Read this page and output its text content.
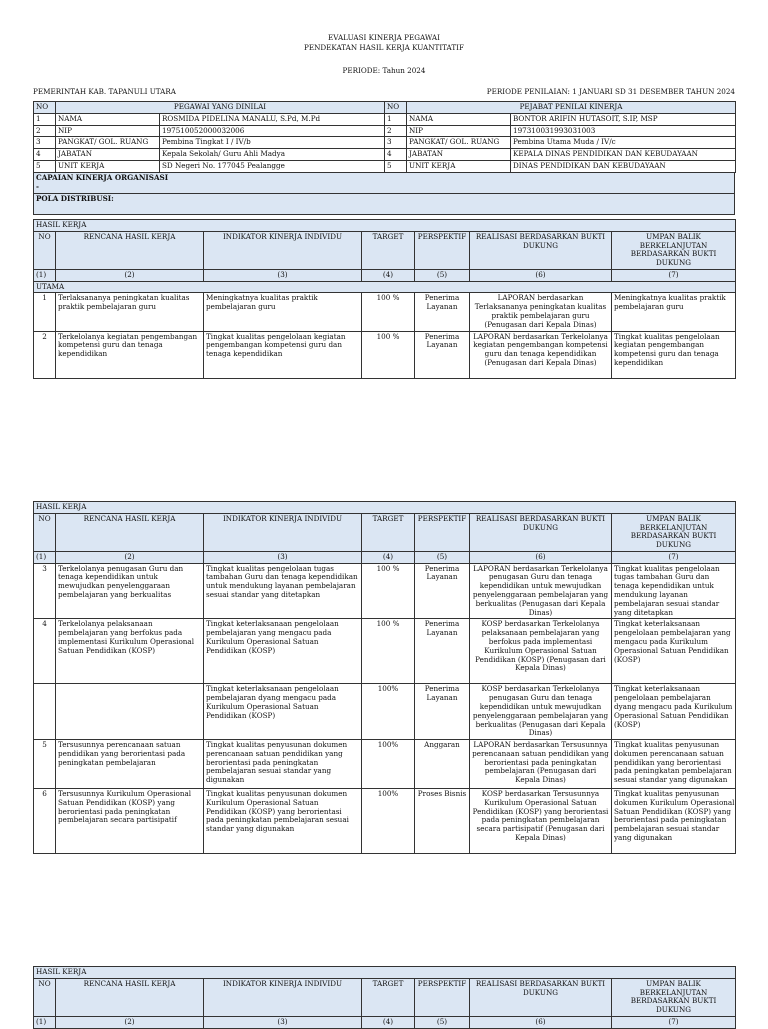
EVALUASI KINERJA PEGAWAI
PENDEKATAN HASIL KERJA KUANTITATIF
PERIODE: Tahun 2024
PEMERINTAH KAB. TAPANULI UTARA	PERIODE PENILAIAN: 1 JANUARI SD 31 DESEMBER TAHUN 2024
NO	PEGAWAI YANG DINILAI		NO	PEJABAT PENILAI KINERJA	
1	NAMA	ROSMIDA PIDELINA MANALU, S.Pd, M.Pd	1	NAMA	BONTOR ARIFIN HUTASOIT, S.IP, MSP
2	NIP	197510052000032006	2	NIP	197310031993031003
3	PANGKAT/ GOL. RUANG	Pembina Tingkat I / IV/b	3	PANGKAT/ GOL. RUANG	Pembina Utama Muda / IV/c
4	JABATAN	Kepala Sekolah/ Guru Ahli Madya	4	JABATAN	KEPALA DINAS PENDIDIKAN DAN KEBUDAYAAN
5	UNIT KERJA	SD Negeri No. 177045 Pealangge	5	UNIT KERJA	DINAS PENDIDIKAN DAN KEBUDAYAAN
CAPAIAN KINERJA ORGANISASI
-

POLA DISTRIBUSI:
HASIL KERJA						
NO	RENCANA HASIL KERJA	INDIKATOR KINERJA INDIVIDU	TARGET	PERSPEKTIF	REALISASI BERDASARKAN BUKTI DUKUNG	UMPAN BALIK BERKELANJUTAN BERDASARKAN BUKTI DUKUNG
(1)	(2)	(3)	(4)	(5)	(6)	(7)
UTAMA						
1	Terlaksananya peningkatan kualitas praktik pembelajaran guru	Meningkatnya kualitas praktik pembelajaran guru	100 %	Penerima Layanan	LAPORAN berdasarkan Terlaksananya peningkatan kualitas praktik pembelajaran guru (Penugasan dari Kepala Dinas)	Meningkatnya kualitas praktik pembelajaran guru
2	Terkelolanya kegiatan pengembangan kompetensi guru dan tenaga kependidikan	Tingkat kualitas pengelolaan kegiatan pengembangan kompetensi guru dan tenaga kependidikan	100 %	Penerima Layanan	LAPORAN berdasarkan Terkelolanya kegiatan pengembangan kompetensi guru dan tenaga kependidikan (Penugasan dari Kepala Dinas)	Tingkat kualitas pengelolaan kegiatan pengembangan kompetensi guru dan tenaga kependidikan
HASIL KERJA						
NO	RENCANA HASIL KERJA	INDIKATOR KINERJA INDIVIDU	TARGET	PERSPEKTIF	REALISASI BERDASARKAN BUKTI DUKUNG	UMPAN BALIK BERKELANJUTAN BERDASARKAN BUKTI DUKUNG
(1)	(2)	(3)	(4)	(5)	(6)	(7)
3	Terkelolanya penugasan Guru dan tenaga kependidikan untuk mewujudkan penyelenggaraan pembelajaran yang berkualitas	Tingkat kualitas pengelolaan tugas tambahan Guru dan tenaga kependidikan untuk mendukung layanan pembelajaran sesuai standar yang ditetapkan	100 %	Penerima Layanan	LAPORAN berdasarkan Terkelolanya penugasan Guru dan tenaga kependidikan untuk mewujudkan penyelenggaraan pembelajaran yang berkualitas (Penugasan dari Kepala Dinas)	Tingkat kualitas pengelolaan tugas tambahan Guru dan tenaga kependidikan untuk mendukung layanan pembelajaran sesuai standar yang ditetapkan
4	Terkelolanya pelaksanaan pembelajaran yang berfokus pada implementasi Kurikulum Operasional Satuan Pendidikan (KOSP)	Tingkat keterlaksanaan pengelolaan pembelajaran yang mengacu pada Kurikulum Operasional Satuan Pendidikan (KOSP)	100 %	Penerima Layanan	KOSP berdasarkan Terkelolanya pelaksanaan pembelajaran yang berfokus pada implementasi Kurikulum Operasional Satuan Pendidikan (KOSP) (Penugasan dari Kepala Dinas)	Tingkat keterlaksanaan pengelolaan pembelajaran yang mengacu pada Kurikulum Operasional Satuan Pendidikan (KOSP)
		Tingkat keterlaksanaan pengelolaan pembelajaran dyang mengacu pada Kurikulum Operasional Satuan Pendidikan (KOSP)	100%	Penerima Layanan	KOSP berdasarkan Terkelolanya penugasan Guru dan tenaga kependidikan untuk mewujudkan penyelenggaraan pembelajaran yang berkualitas (Penugasan dari Kepala Dinas)	Tingkat keterlaksanaan pengelolaan pembelajaran dyang mengacu pada Kurikulum Operasional Satuan Pendidikan (KOSP)
5	Tersusunnya perencanaan satuan pendidikan yang berorientasi pada peningkatan pembelajaran	Tingkat kualitas penyusunan dokumen perencanaan satuan pendidikan yang berorientasi pada peningkatan pembelajaran sesuai standar yang digunakan	100%	Anggaran	LAPORAN berdasarkan Tersusunnya perencanaan satuan pendidikan yang berorientasi pada peningkatan pembelajaran (Penugasan dari Kepala Dinas)	Tingkat kualitas penyusunan dokumen perencanaan satuan pendidikan yang berorientasi pada peningkatan pembelajaran sesuai standar yang digunakan
6	Tersusunnya Kurikulum Operasional Satuan Pendidikan (KOSP) yang berorientasi pada peningkatan pembelajaran secara partisipatif	Tingkat kualitas penyusunan dokumen Kurikulum Operasional Satuan Pendidikan (KOSP) yang berorientasi pada peningkatan pembelajaran sesuai standar yang digunakan	100%	Proses Bisnis	KOSP berdasarkan Tersusunnya Kurikulum Operasional Satuan Pendidikan (KOSP) yang berorientasi pada peningkatan pembelajaran secara partisipatif (Penugasan dari Kepala Dinas)	Tingkat kualitas penyusunan dokumen Kurikulum Operasional Satuan Pendidikan (KOSP) yang berorientasi pada peningkatan pembelajaran sesuai standar yang digunakan
HASIL KERJA						
NO	RENCANA HASIL KERJA	INDIKATOR KINERJA INDIVIDU	TARGET	PERSPEKTIF	REALISASI BERDASARKAN BUKTI DUKUNG	UMPAN BALIK BERKELANJUTAN BERDASARKAN BUKTI DUKUNG
(1)	(2)	(3)	(4)	(5)	(6)	(7)
